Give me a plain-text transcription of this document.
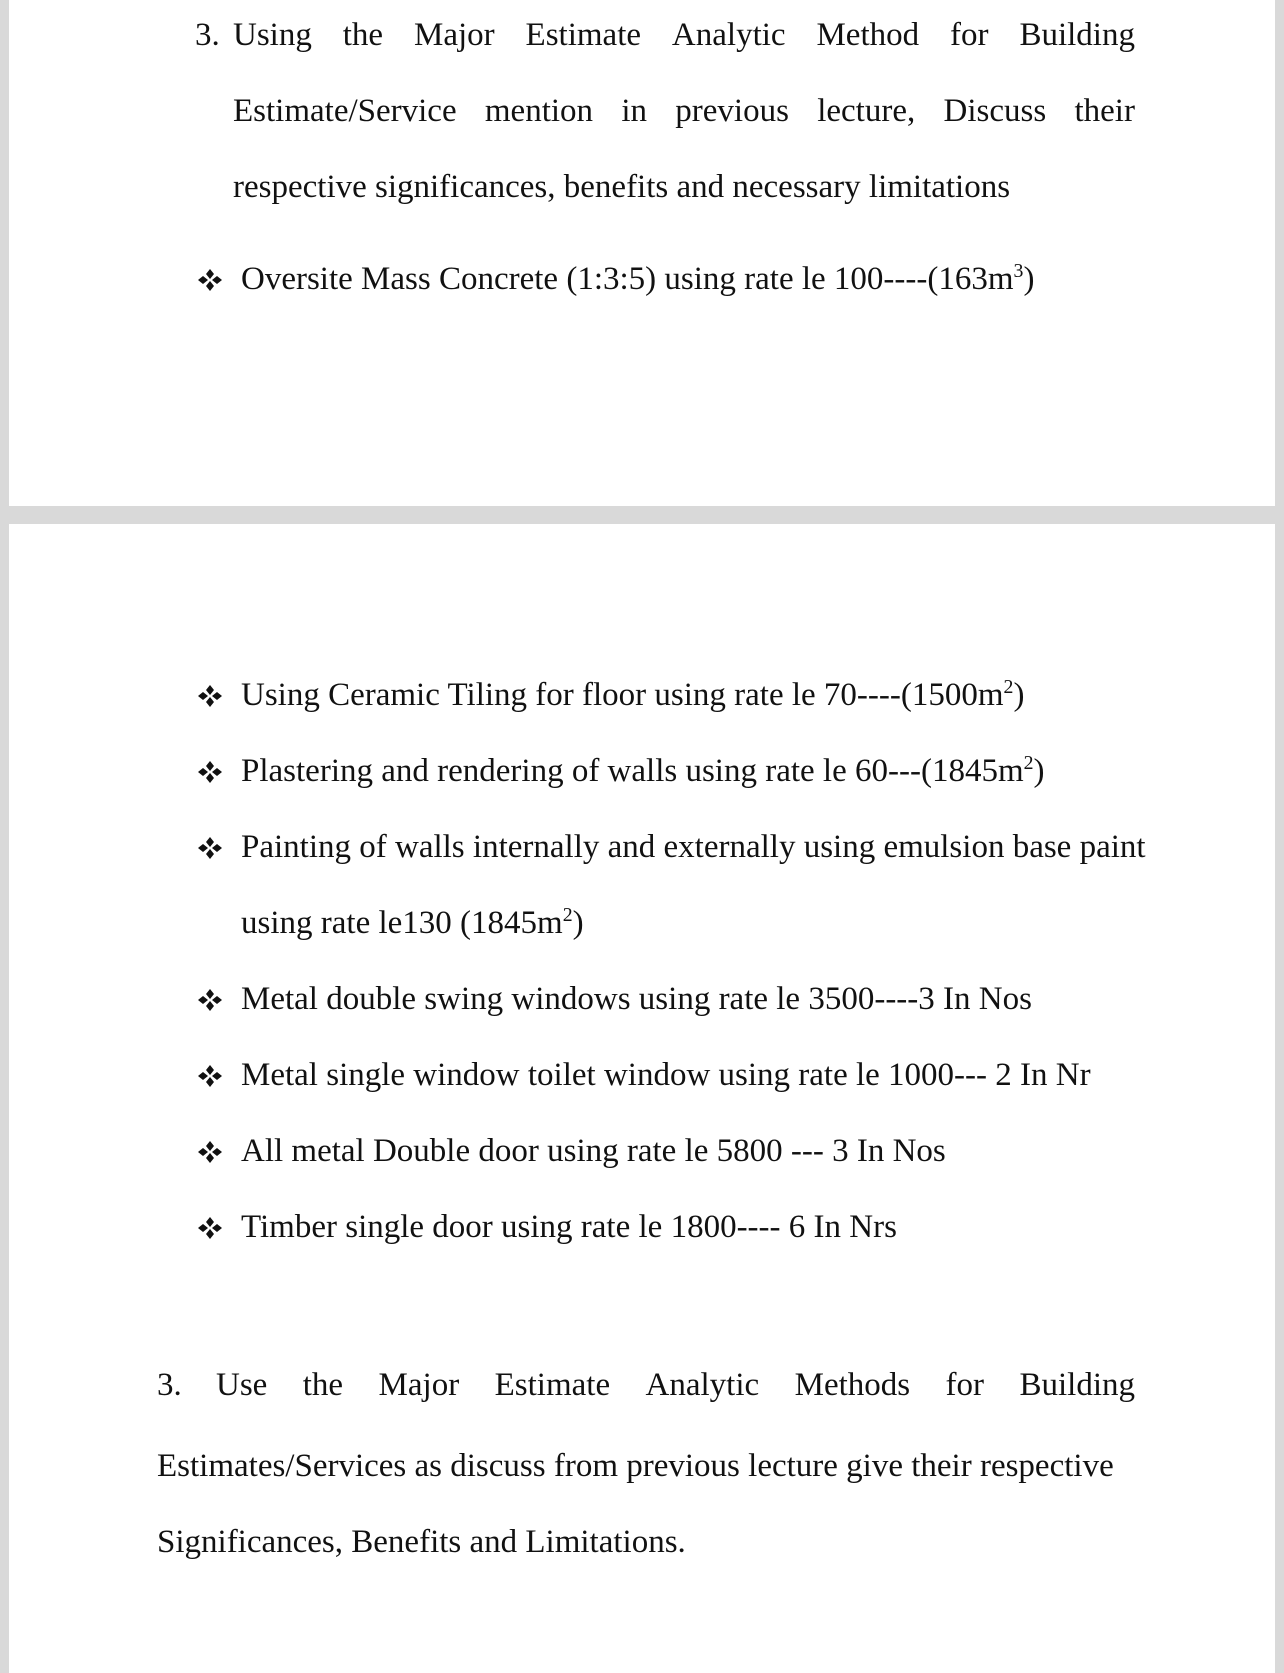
3. Using the Major Estimate Analytic Method for Building
Estimate/Service mention in previous lecture, Discuss their
respective significances, benefits and necessary limitations
Oversite Mass Concrete (1:3:5) using rate le $100----(163m^3)$
Using Ceramic Tiling for floor using rate le $70----(1500m^2)$
Plastering and rendering of walls using rate le $60---(1845m^2)$
Painting of walls internally and externally using emulsion base paint
using rate le130 $(1845m^2)$
Metal double swing windows using rate le 3500----3 In Nos
Metal single window toilet window using rate le 1000--- 2 In Nr
All metal Double door using rate le 5800 --- 3 In Nos
Timber single door using rate le 1800---- 6 In Nrs
3. Use the Major Estimate Analytic Methods for Building
Estimates/Services as discuss from previous lecture give their respective
Significances, Benefits and Limitations.
